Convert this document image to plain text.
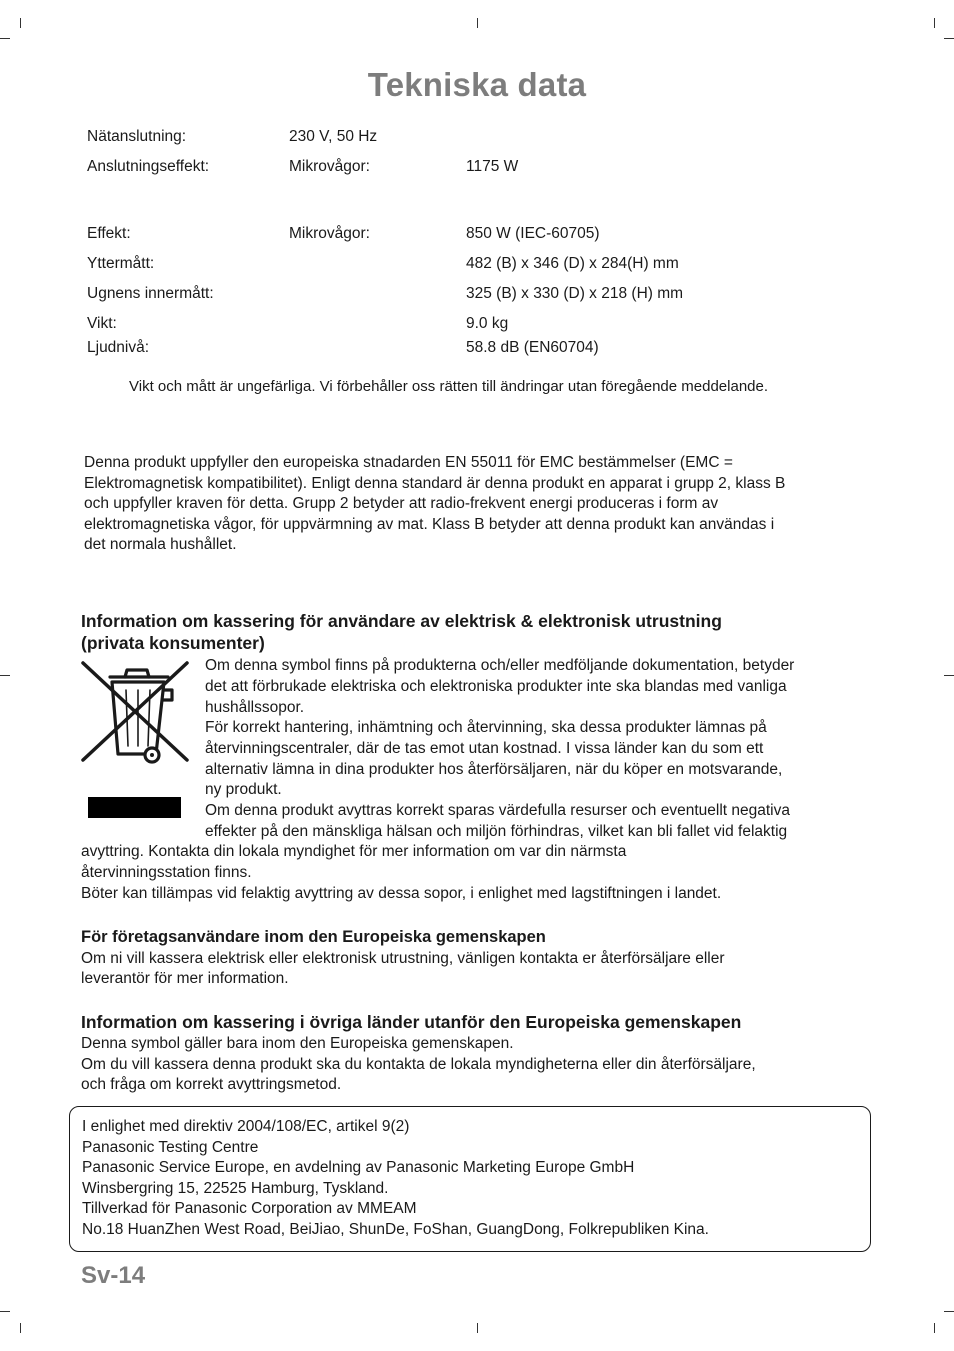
Tekniska data
Nätanslutning:	230 V, 50 Hz
Anslutningseffekt:	Mikrovågor:	1175 W
Effekt:	Mikrovågor:	850 W (IEC-60705)
Yttermått:	482 (B) x 346 (D) x 284(H) mm
Ugnens innermått:	325 (B) x 330 (D) x 218 (H) mm
Vikt:	9.0 kg
Ljudnivå:	58.8 dB (EN60704)
Vikt och mått är ungefärliga. Vi förbehåller oss rätten till ändringar utan föregående meddelande.
Denna produkt uppfyller den europeiska stnadarden EN 55011 för EMC bestämmelser (EMC =
Elektromagnetisk kompatibilitet). Enligt denna standard är denna produkt en apparat i grupp 2, klass B
och uppfyller kraven för detta. Grupp 2 betyder att radio-frekvent energi produceras i form av
elektromagnetiska vågor, för uppvärmning av mat. Klass B betyder att denna produkt kan användas i
det normala hushållet.
Information om kassering för användare av elektrisk & elektronisk utrustning
(privata konsumenter)
Om denna symbol finns på produkterna och/eller medföljande dokumentation, betyder
det att förbrukade elektriska och elektroniska produkter inte ska blandas med vanliga
hushållssopor.
För korrekt hantering, inhämtning och återvinning, ska dessa produkter lämnas på
återvinningscentraler, där de tas emot utan kostnad. I vissa länder kan du som ett
alternativ lämna in dina produkter hos återförsäljaren, när du köper en motsvarande,
ny produkt.
Om denna produkt avyttras korrekt sparas värdefulla resurser och eventuellt negativa
effekter på den mänskliga hälsan och miljön förhindras, vilket kan bli fallet vid felaktig
avyttring. Kontakta din lokala myndighet för mer information om var din närmsta
återvinningsstation finns.
Böter kan tillämpas vid felaktig avyttring av dessa sopor, i enlighet med lagstiftningen i landet.
För företagsanvändare inom den Europeiska gemenskapen
Om ni vill kassera elektrisk eller elektronisk utrustning, vänligen kontakta er återförsäljare eller
leverantör för mer information.
Information om kassering i övriga länder utanför den Europeiska gemenskapen
Denna symbol gäller bara inom den Europeiska gemenskapen.
Om du vill kassera denna produkt ska du kontakta de lokala myndigheterna eller din återförsäljare,
och fråga om korrekt avyttringsmetod.
I enlighet med direktiv 2004/108/EC, artikel 9(2)
Panasonic Testing Centre
Panasonic Service Europe, en avdelning av Panasonic Marketing Europe GmbH
Winsbergring 15, 22525 Hamburg, Tyskland.
Tillverkad för Panasonic Corporation av MMEAM
No.18 HuanZhen West Road, BeiJiao, ShunDe, FoShan, GuangDong, Folkrepubliken Kina.
Sv-14
